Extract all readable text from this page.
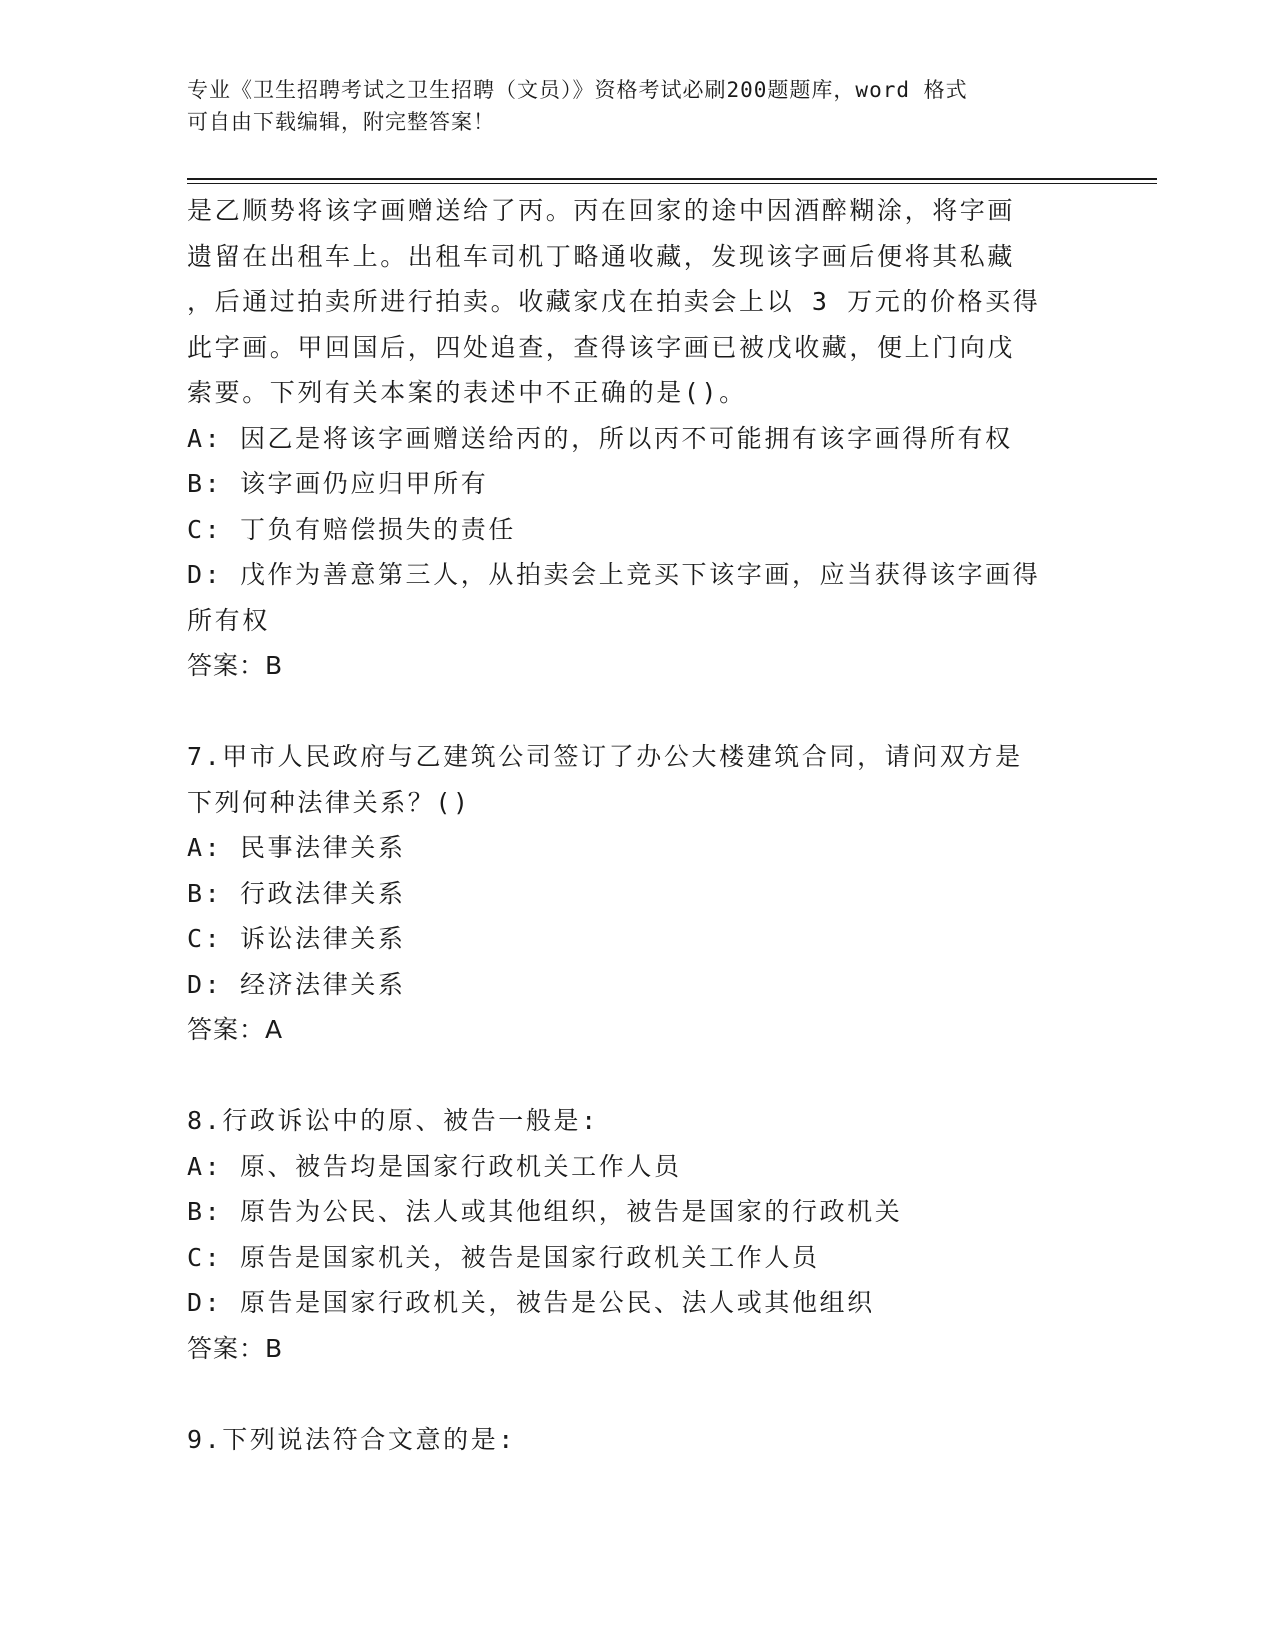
专业《卫生招聘考试之卫生招聘（文员）》资格考试必刷200题题库，word 格式
可自由下载编辑，附完整答案！
是乙顺势将该字画赠送给了丙。丙在回家的途中因酒醉糊涂，将字画
遗留在出租车上。出租车司机丁略通收藏，发现该字画后便将其私藏
，后通过拍卖所进行拍卖。收藏家戊在拍卖会上以 3 万元的价格买得
此字画。甲回国后，四处追查，查得该字画已被戊收藏，便上门向戊
索要。下列有关本案的表述中不正确的是()。
A: 因乙是将该字画赠送给丙的，所以丙不可能拥有该字画得所有权
B: 该字画仍应归甲所有
C: 丁负有赔偿损失的责任
D: 戊作为善意第三人，从拍卖会上竞买下该字画，应当获得该字画得
所有权
答案：B
7.甲市人民政府与乙建筑公司签订了办公大楼建筑合同，请问双方是
下列何种法律关系？()
A: 民事法律关系
B: 行政法律关系
C: 诉讼法律关系
D: 经济法律关系
答案：A
8.行政诉讼中的原、被告一般是:
A: 原、被告均是国家行政机关工作人员
B: 原告为公民、法人或其他组织，被告是国家的行政机关
C: 原告是国家机关，被告是国家行政机关工作人员
D: 原告是国家行政机关，被告是公民、法人或其他组织
答案：B
9.下列说法符合文意的是:
